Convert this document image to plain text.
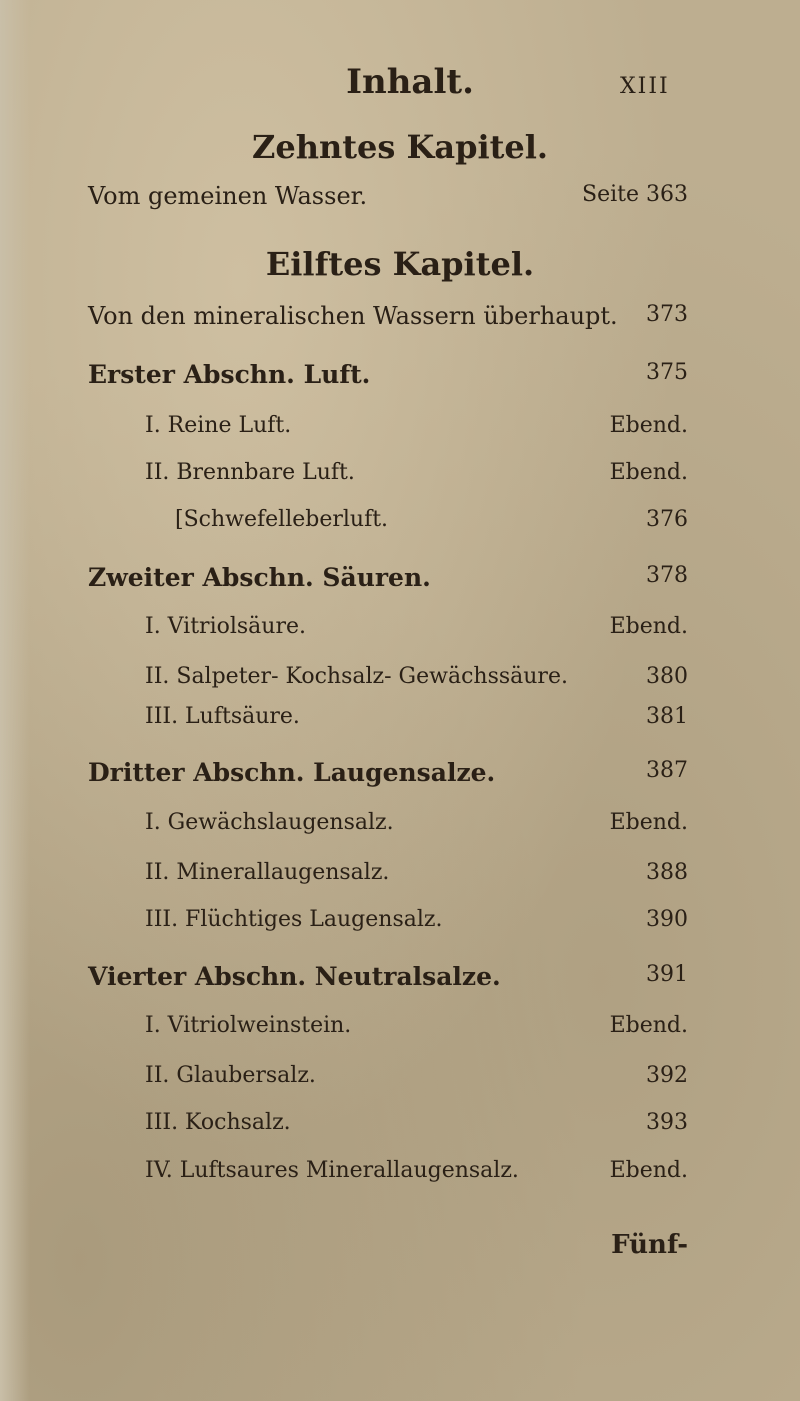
Inhalt.	XIII
Zehntes Kapitel.
Vom gemeinen Wasser.	Seite 363
Eilftes Kapitel.
Von den mineralischen Wassern überhaupt. 373
Erster Abschn. Luft.	375
I. Reine Luft.	Ebend.
II. Brennbare Luft.	Ebend.
[Schwefelleberluft.	376
Zweiter Abschn. Säuren.	378
I. Vitriolsäure.	Ebend.
II. Salpeter- Kochsalz- Gewächssäure.	380
III. Luftsäure.	381
Dritter Abschn. Laugensalze.	387
I. Gewächslaugensalz.	Ebend.
II. Minerallaugensalz.	388
III. Flüchtiges Laugensalz.	390
Vierter Abschn. Neutralsalze.	391
I. Vitriolweinstein.	Ebend.
II. Glaubersalz.	392
III. Kochsalz.	393
IV. Luftsaures Minerallaugensalz.	Ebend.
Fünf-
